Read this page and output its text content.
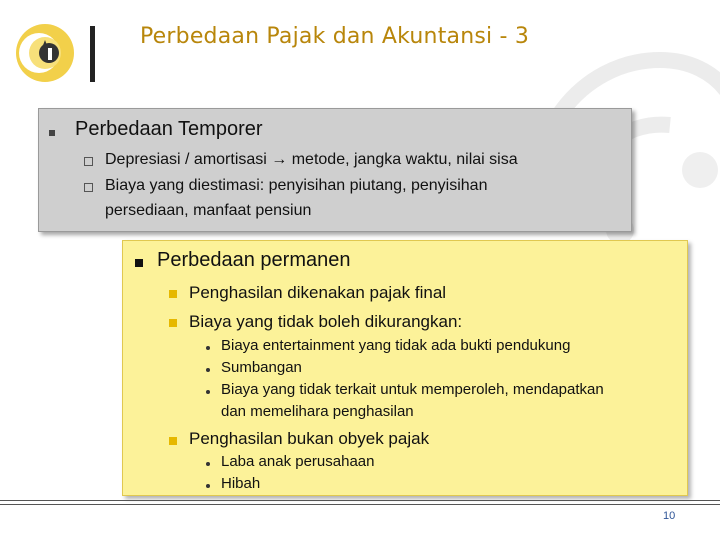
Perbedaan Pajak dan Akuntansi - 3
Perbedaan Temporer
Depresiasi / amortisasi → metode, jangka waktu, nilai sisa
Biaya yang diestimasi: penyisihan piutang, penyisihan
persediaan, manfaat pensiun
Perbedaan permanen
Penghasilan dikenakan pajak final
Biaya yang tidak boleh dikurangkan:
Biaya entertainment yang tidak ada bukti pendukung
Sumbangan
Biaya yang tidak terkait untuk memperoleh, mendapatkan
dan memelihara penghasilan
Penghasilan bukan obyek pajak
Laba anak perusahaan
Hibah
10
